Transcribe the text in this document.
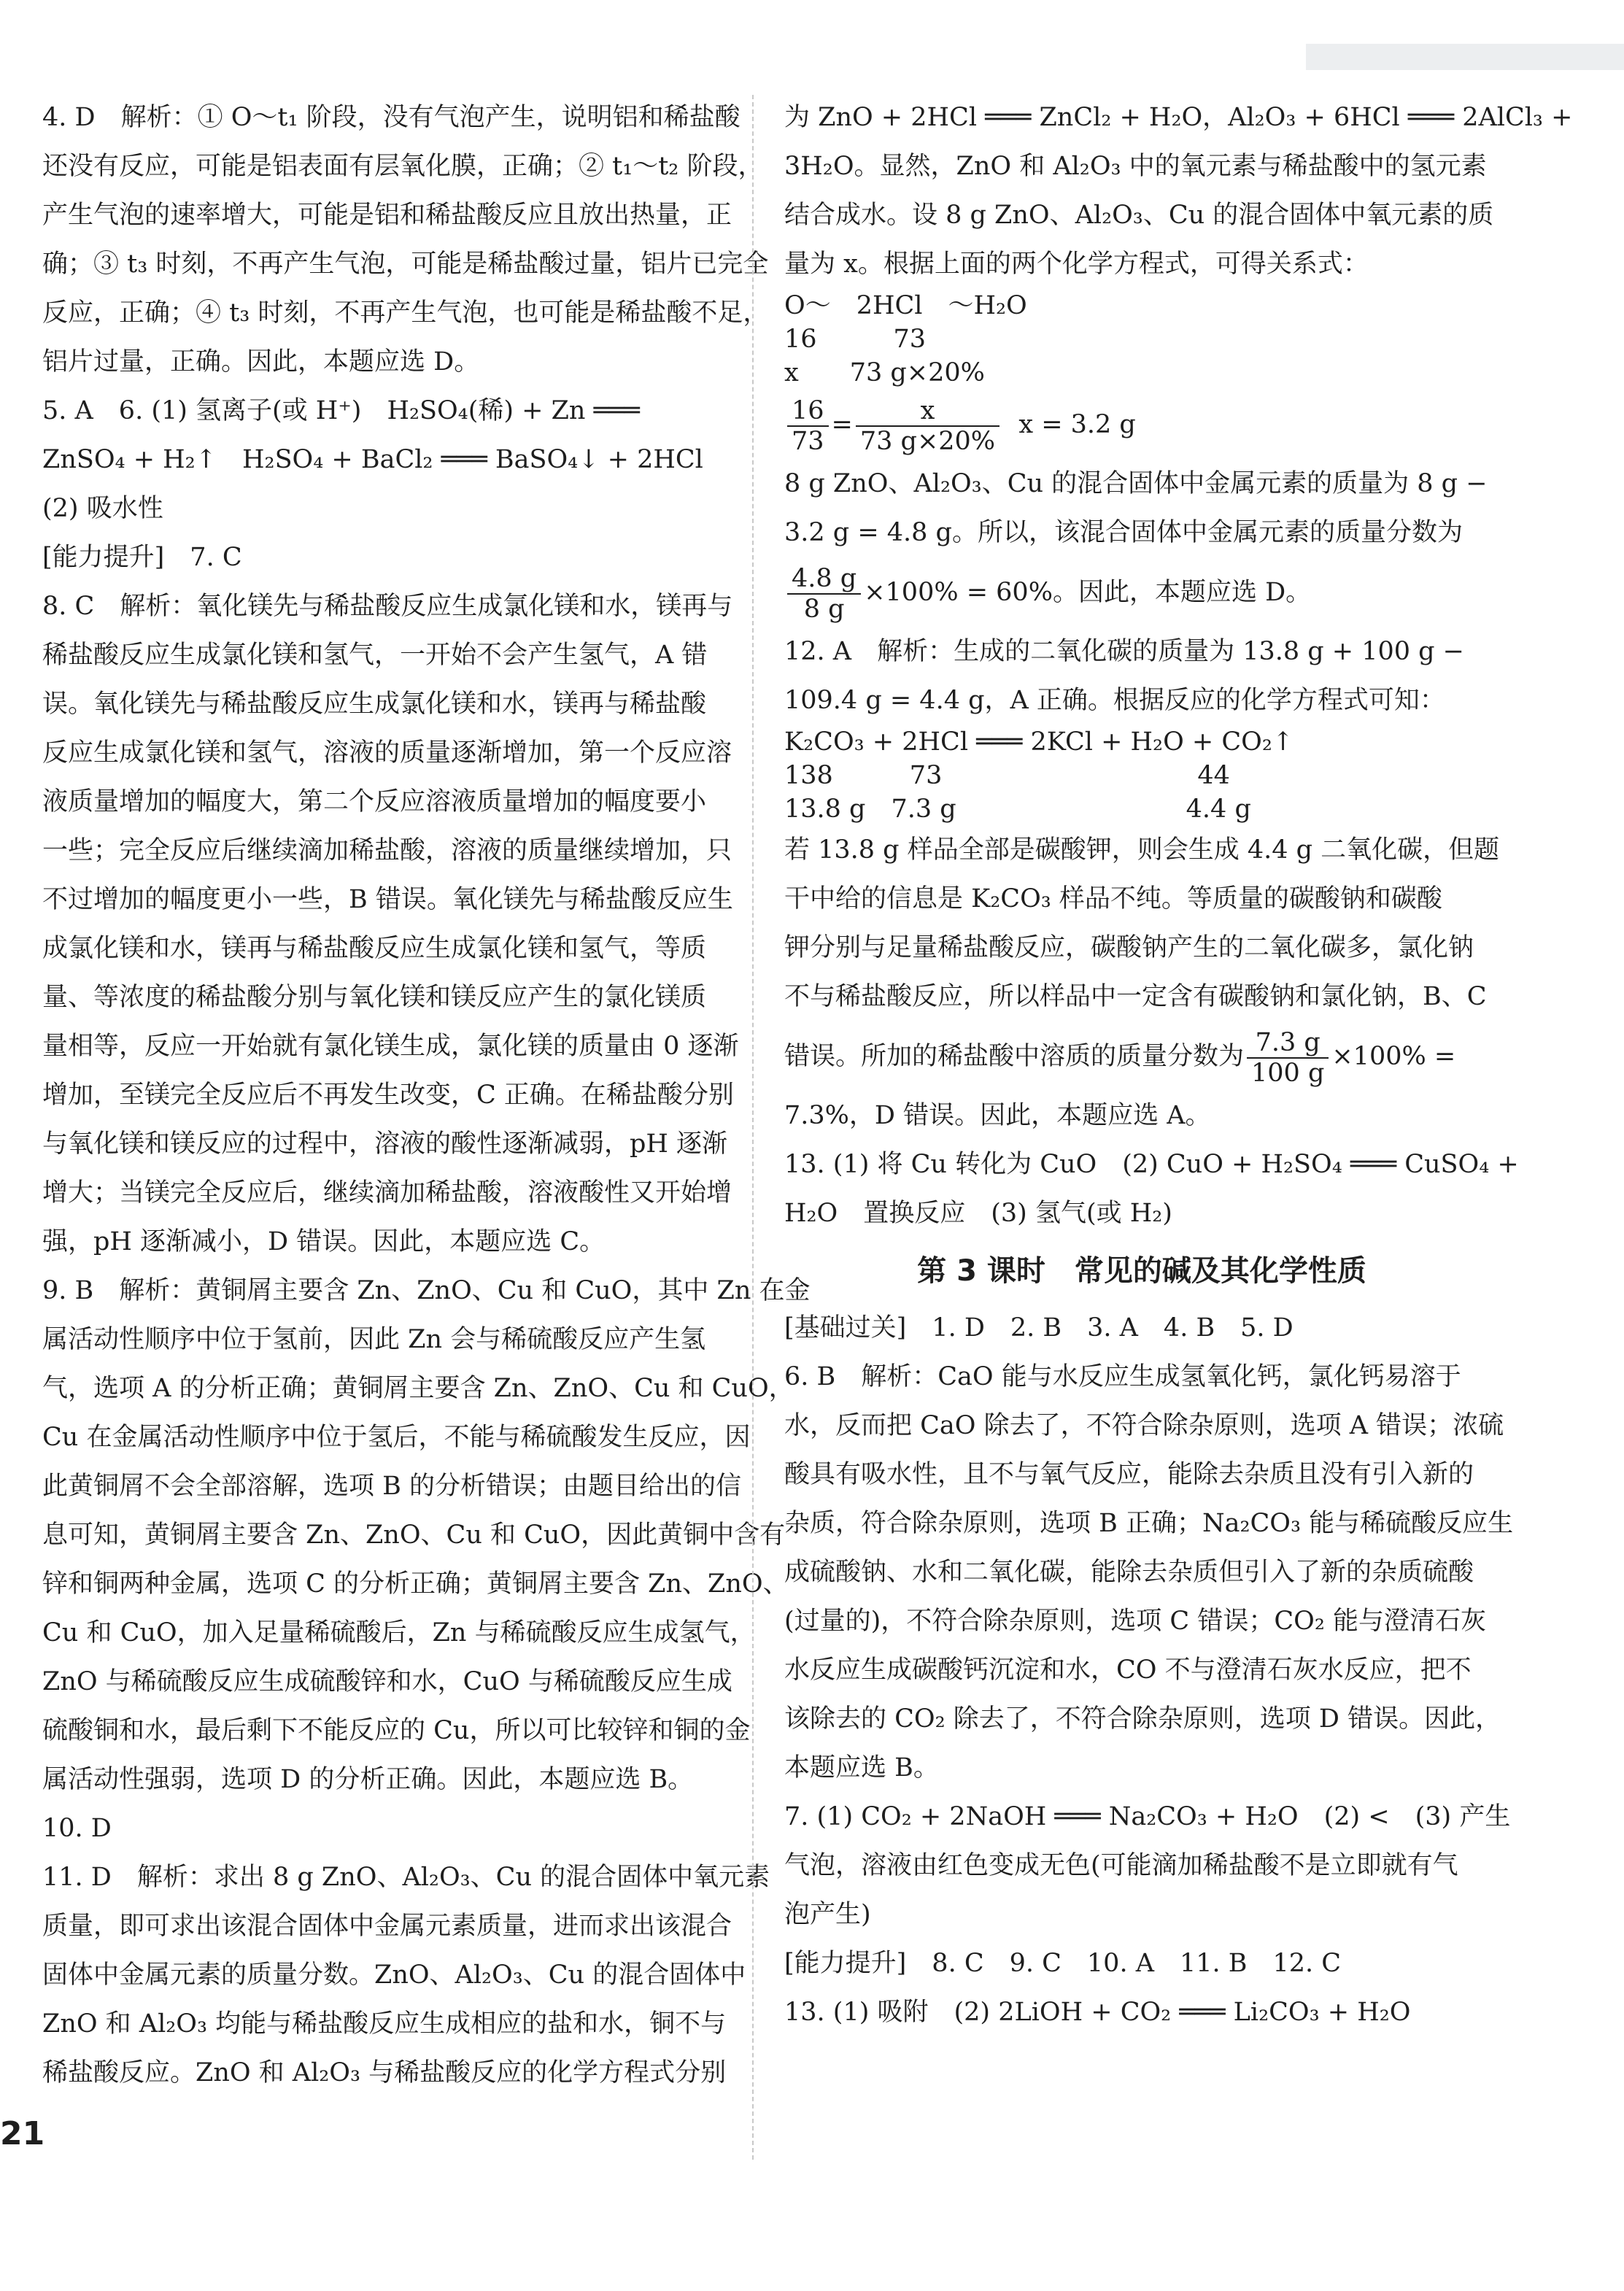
4. D　解析：① O～t₁ 阶段，没有气泡产生，说明铝和稀盐酸
还没有反应，可能是铝表面有层氧化膜，正确；② t₁～t₂ 阶段，
产生气泡的速率增大，可能是铝和稀盐酸反应且放出热量，正
确；③ t₃ 时刻，不再产生气泡，可能是稀盐酸过量，铝片已完全
反应，正确；④ t₃ 时刻，不再产生气泡，也可能是稀盐酸不足，
铝片过量，正确。因此，本题应选 D。
5. A　6. (1) 氢离子(或 H⁺)　H₂SO₄(稀) + Zn ═══
ZnSO₄ + H₂↑　H₂SO₄ + BaCl₂ ═══ BaSO₄↓ + 2HCl
(2) 吸水性
[能力提升]　7. C
8. C　解析：氧化镁先与稀盐酸反应生成氯化镁和水，镁再与
稀盐酸反应生成氯化镁和氢气，一开始不会产生氢气，A 错
误。氧化镁先与稀盐酸反应生成氯化镁和水，镁再与稀盐酸
反应生成氯化镁和氢气，溶液的质量逐渐增加，第一个反应溶
液质量增加的幅度大，第二个反应溶液质量增加的幅度要小
一些；完全反应后继续滴加稀盐酸，溶液的质量继续增加，只
不过增加的幅度更小一些，B 错误。氧化镁先与稀盐酸反应生
成氯化镁和水，镁再与稀盐酸反应生成氯化镁和氢气，等质
量、等浓度的稀盐酸分别与氧化镁和镁反应产生的氯化镁质
量相等，反应一开始就有氯化镁生成，氯化镁的质量由 0 逐渐
增加，至镁完全反应后不再发生改变，C 正确。在稀盐酸分别
与氧化镁和镁反应的过程中，溶液的酸性逐渐减弱，pH 逐渐
增大；当镁完全反应后，继续滴加稀盐酸，溶液酸性又开始增
强，pH 逐渐减小，D 错误。因此，本题应选 C。
9. B　解析：黄铜屑主要含 Zn、ZnO、Cu 和 CuO，其中 Zn 在金
属活动性顺序中位于氢前，因此 Zn 会与稀硫酸反应产生氢
气，选项 A 的分析正确；黄铜屑主要含 Zn、ZnO、Cu 和 CuO，
Cu 在金属活动性顺序中位于氢后，不能与稀硫酸发生反应，因
此黄铜屑不会全部溶解，选项 B 的分析错误；由题目给出的信
息可知，黄铜屑主要含 Zn、ZnO、Cu 和 CuO，因此黄铜中含有
锌和铜两种金属，选项 C 的分析正确；黄铜屑主要含 Zn、ZnO、
Cu 和 CuO，加入足量稀硫酸后，Zn 与稀硫酸反应生成氢气，
ZnO 与稀硫酸反应生成硫酸锌和水，CuO 与稀硫酸反应生成
硫酸铜和水，最后剩下不能反应的 Cu，所以可比较锌和铜的金
属活动性强弱，选项 D 的分析正确。因此，本题应选 B。
10. D
11. D　解析：求出 8 g ZnO、Al₂O₃、Cu 的混合固体中氧元素
质量，即可求出该混合固体中金属元素质量，进而求出该混合
固体中金属元素的质量分数。ZnO、Al₂O₃、Cu 的混合固体中
ZnO 和 Al₂O₃ 均能与稀盐酸反应生成相应的盐和水，铜不与
稀盐酸反应。ZnO 和 Al₂O₃ 与稀盐酸反应的化学方程式分别
为 ZnO + 2HCl ═══ ZnCl₂ + H₂O，Al₂O₃ + 6HCl ═══ 2AlCl₃ +
3H₂O。显然，ZnO 和 Al₂O₃ 中的氧元素与稀盐酸中的氢元素
结合成水。设 8 g ZnO、Al₂O₃、Cu 的混合固体中氧元素的质
量为 x。根据上面的两个化学方程式，可得关系式：
O～　2HCl　～H₂O
16　　　73
x　　73 g×20%
$\frac{16}{73} = \frac{x}{73 g\times 20\%}$ x = 3.2 g
8 g ZnO、Al₂O₃、Cu 的混合固体中金属元素的质量为 8 g −
3.2 g = 4.8 g。所以，该混合固体中金属元素的质量分数为
$\frac{4.8 g}{8 g} \times 100\% = 60\%$。因此，本题应选 D。
12. A　解析：生成的二氧化碳的质量为 13.8 g + 100 g −
109.4 g = 4.4 g，A 正确。根据反应的化学方程式可知：
K₂CO₃ + 2HCl ═══ 2KCl + H₂O + CO₂↑
138　　　73　　　　　　　　　　44
13.8 g　7.3 g　　　　　　　　　4.4 g
若 13.8 g 样品全部是碳酸钾，则会生成 4.4 g 二氧化碳，但题
干中给的信息是 K₂CO₃ 样品不纯。等质量的碳酸钠和碳酸
钾分别与足量稀盐酸反应，碳酸钠产生的二氧化碳多，氯化钠
不与稀盐酸反应，所以样品中一定含有碳酸钠和氯化钠，B、C
错误。所加的稀盐酸中溶质的质量分数为 $\frac{7.3 g}{100 g} \times 100\%$ =
7.3%，D 错误。因此，本题应选 A。
13. (1) 将 Cu 转化为 CuO　(2) CuO + H₂SO₄ ═══ CuSO₄ +
H₂O　置换反应　(3) 氢气(或 H₂)
第 3 课时　常见的碱及其化学性质
[基础过关]　1. D　2. B　3. A　4. B　5. D
6. B　解析：CaO 能与水反应生成氢氧化钙，氯化钙易溶于
水，反而把 CaO 除去了，不符合除杂原则，选项 A 错误；浓硫
酸具有吸水性，且不与氧气反应，能除去杂质且没有引入新的
杂质，符合除杂原则，选项 B 正确；Na₂CO₃ 能与稀硫酸反应生
成硫酸钠、水和二氧化碳，能除去杂质但引入了新的杂质硫酸
(过量的)，不符合除杂原则，选项 C 错误；CO₂ 能与澄清石灰
水反应生成碳酸钙沉淀和水，CO 不与澄清石灰水反应，把不
该除去的 CO₂ 除去了，不符合除杂原则，选项 D 错误。因此，
本题应选 B。
7. (1) CO₂ + 2NaOH ═══ Na₂CO₃ + H₂O　(2) <　(3) 产生
气泡，溶液由红色变成无色(可能滴加稀盐酸不是立即就有气
泡产生)
[能力提升]　8. C　9. C　10. A　11. B　12. C
13. (1) 吸附　(2) 2LiOH + CO₂ ═══ Li₂CO₃ + H₂O
21
